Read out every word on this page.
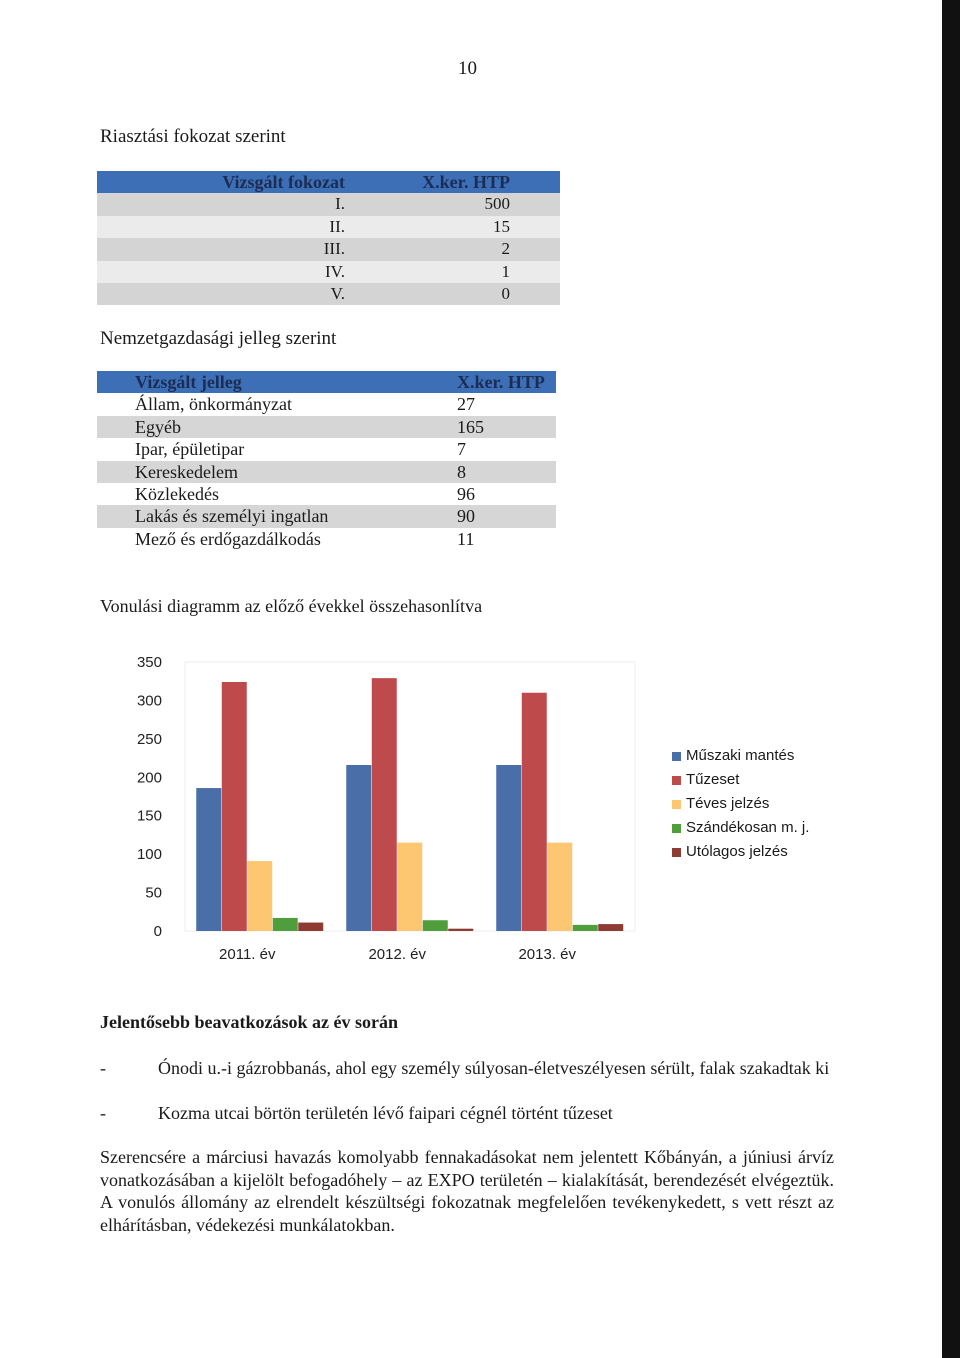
10
Riasztási fokozat szerint
Vizsgált fokozat	X.ker. HTP
I.	500
II.	15
III.	2
IV.	1
V.	0
Nemzetgazdasági jelleg szerint
Vizsgált jelleg	X.ker. HTP
Állam, önkormányzat	27
Egyéb	165
Ipar, épületipar	7
Kereskedelem	8
Közlekedés	96
Lakás és személyi ingatlan	90
Mező és erdőgazdálkodás	11
Vonulási diagramm az előző évekkel összehasonlítva
0
50
100
150
200
250
300
350
2011. év	2012. év	2013. év
Műszaki mantés
Tűzeset
Téves jelzés
Szándékosan m. j.
Utólagos jelzés
Jelentősebb beavatkozások az év során
-	Ónodi u.-i gázrobbanás, ahol egy személy súlyosan-életveszélyesen sérült, falak szakadtak ki
-	Kozma utcai börtön területén lévő faipari cégnél történt tűzeset
Szerencsére a márciusi havazás komolyabb fennakadásokat nem jelentett Kőbányán, a júniusi árvíz vonatkozásában a kijelölt befogadóhely – az EXPO területén – kialakítását, berendezését elvégeztük. A vonulós állomány az elrendelt készültségi fokozatnak megfelelően tevékenykedett, s vett részt az elhárításban, védekezési munkálatokban.
